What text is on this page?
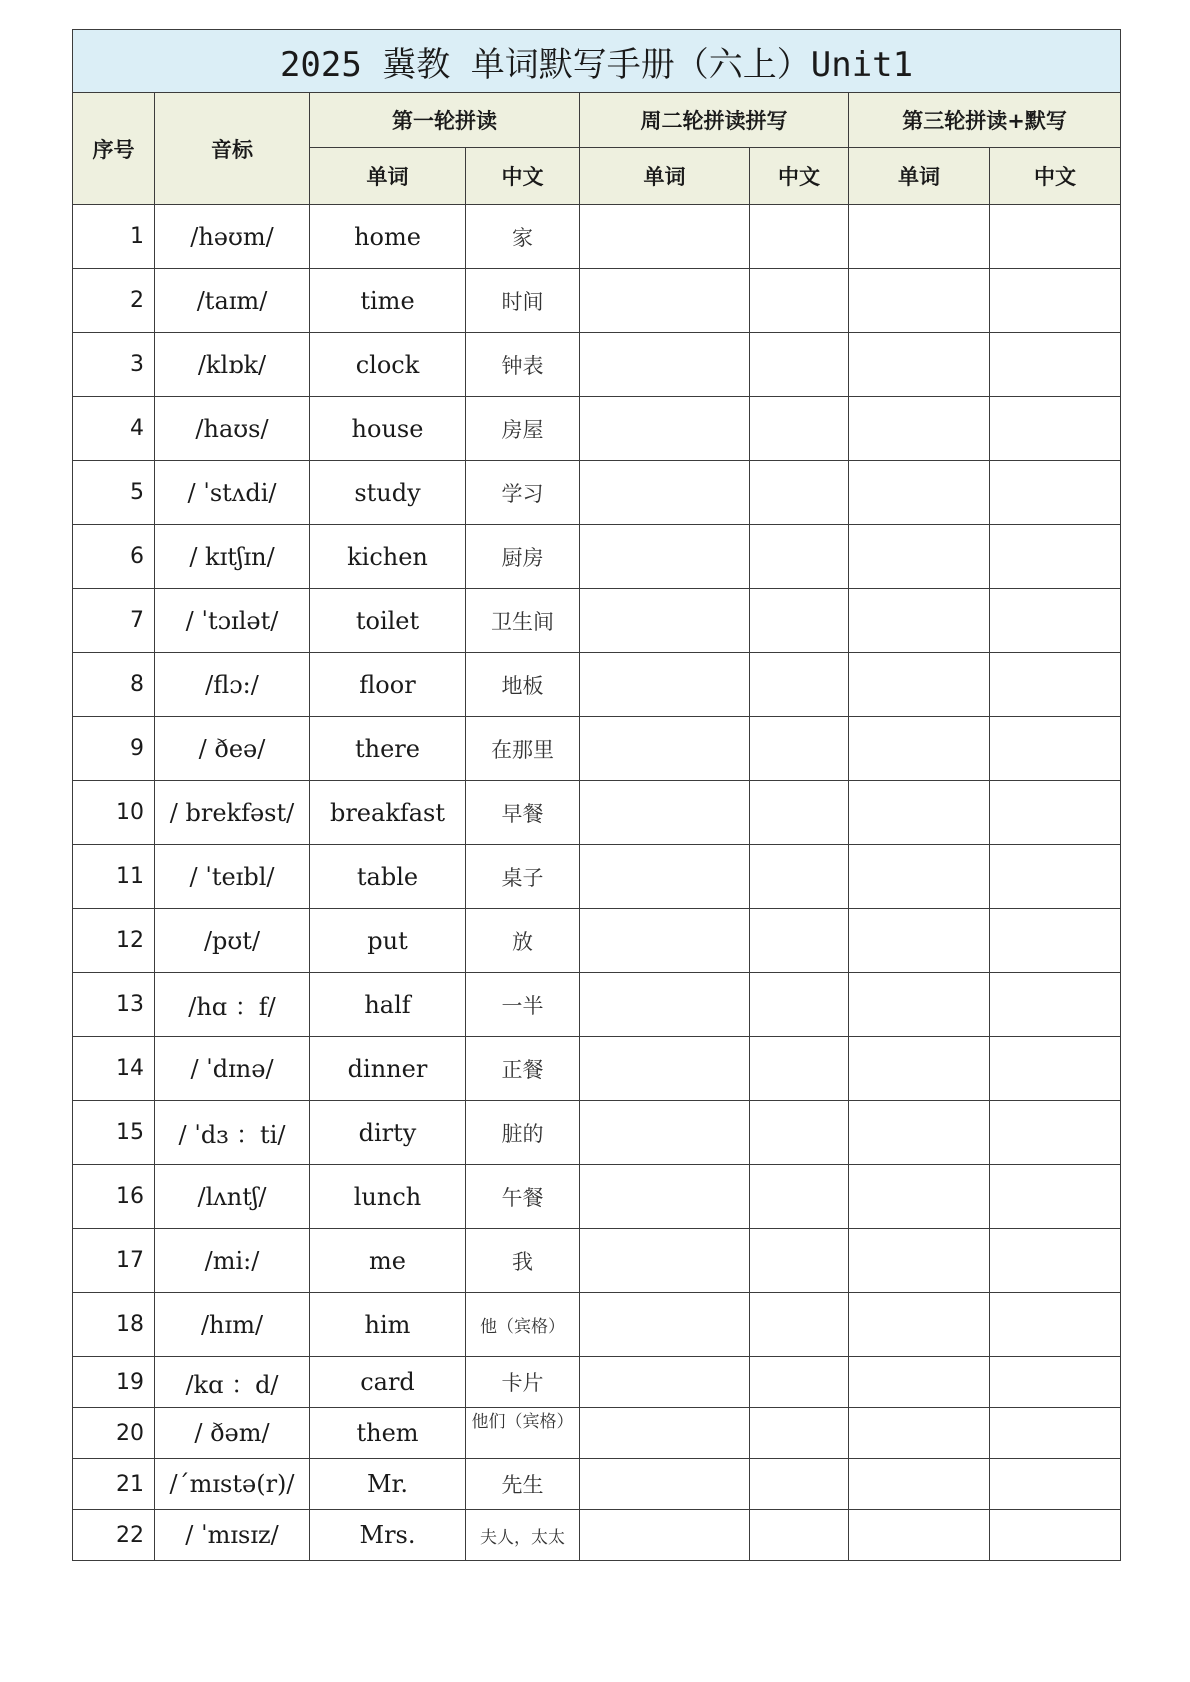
2025 冀教 单词默写手册（六上）Unit1							
序号	音标	第一轮拼读		周二轮拼读拼写		第三轮拼读+默写	
		单词	中文	单词	中文	单词	中文
1	/həʊm/	home	家				
2	/taɪm/	time	时间				
3	/klɒk/	clock	钟表				
4	/haʊs/	house	房屋				
5	/ ˈstʌdi/	study	学习				
6	/ kɪtʃɪn/	kichen	厨房				
7	/ ˈtɔɪlət/	toilet	卫生间				
8	/flɔ:/	floor	地板				
9	/ ðeə/	there	在那里				
10	/ brekfəst/	breakfast	早餐				
11	/ ˈteɪbl/	table	桌子				
12	/pʊt/	put	放				
13	/hɑ ：f/	half	一半				
14	/ ˈdɪnə/	dinner	正餐				
15	/ ˈdɜ ：ti/	dirty	脏的				
16	/lʌntʃ/	lunch	午餐				
17	/mi:/	me	我				
18	/hɪm/	him	他（宾格）				
19	/kɑ ：d/	card	卡片				
20	/ ðəm/	them	他们（宾格）				
21	/ˊmɪstə(r)/	Mr.	先生				
22	/ ˈmɪsɪz/	Mrs.	夫人，太太				
